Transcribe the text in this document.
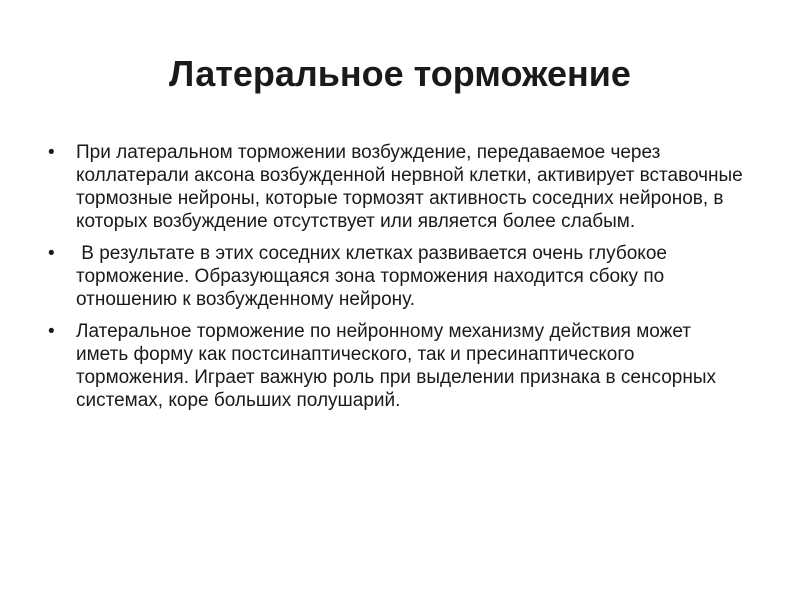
Латеральное торможение
• При латеральном торможении возбуждение, передаваемое через коллатерали аксона возбужденной нервной клетки, активирует вставочные тормозные нейроны, которые тормозят активность соседних нейронов, в которых возбуждение отсутствует или является более слабым.
• В результате в этих соседних клетках развивается очень глубокое торможение. Образующаяся зона торможения находится сбоку по отношению к возбужденному нейрону.
• Латеральное торможение по нейронному механизму действия может иметь форму как постсинаптического, так и пресинаптического торможения. Играет важную роль при выделении признака в сенсорных системах, коре больших полушарий.
